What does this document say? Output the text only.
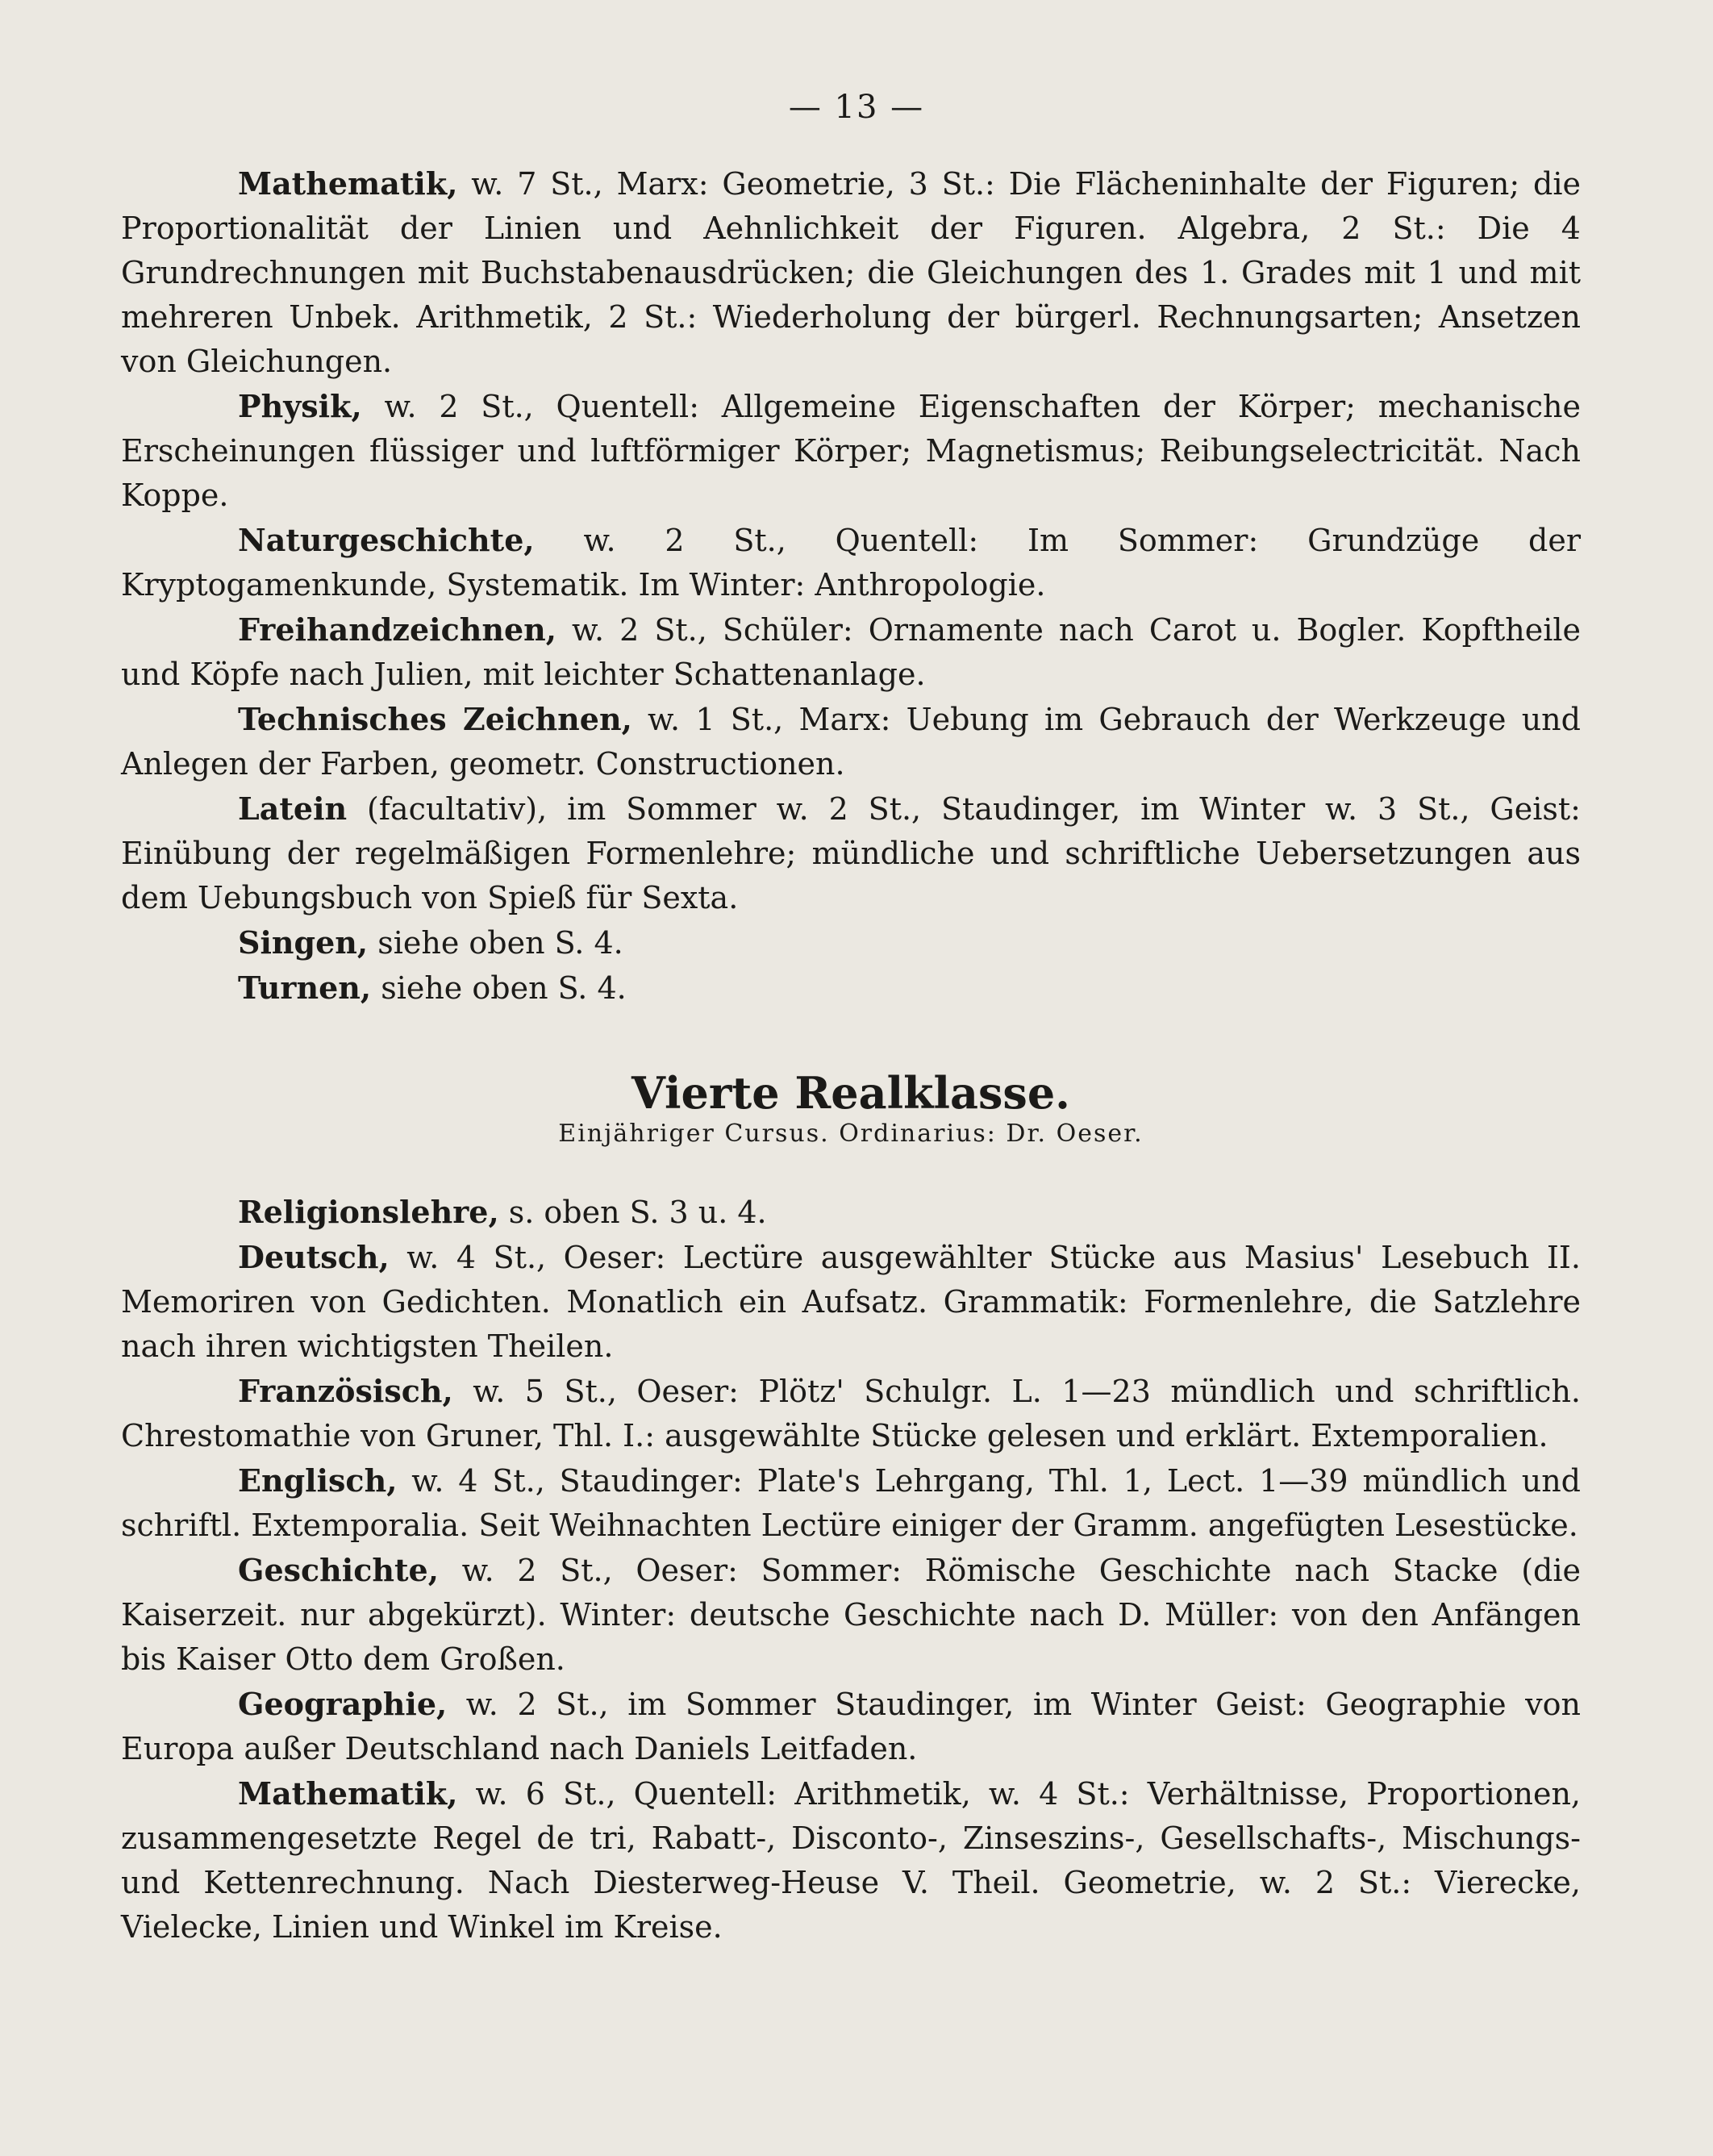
— 13 —

Mathematik, w. 7 St., Marx: Geometrie, 3 St.: Die Flächeninhalte der Figuren; die Proportionalität der Linien und Aehnlichkeit der Figuren. Algebra, 2 St.: Die 4 Grundrechnungen mit Buchstabenausdrücken; die Gleichungen des 1. Grades mit 1 und mit mehreren Unbek. Arithmetik, 2 St.: Wiederholung der bürgerl. Rechnungsarten; Ansetzen von Gleichungen.

Physik, w. 2 St., Quentell: Allgemeine Eigenschaften der Körper; mechanische Erscheinungen flüssiger und luftförmiger Körper; Magnetismus; Reibungselectricität. Nach Koppe.

Naturgeschichte, w. 2 St., Quentell: Im Sommer: Grundzüge der Kryptogamenkunde, Systematik. Im Winter: Anthropologie.

Freihandzeichnen, w. 2 St., Schüler: Ornamente nach Carot u. Bogler. Kopftheile und Köpfe nach Julien, mit leichter Schattenanlage.

Technisches Zeichnen, w. 1 St., Marx: Uebung im Gebrauch der Werkzeuge und Anlegen der Farben, geometr. Constructionen.

Latein (facultativ), im Sommer w. 2 St., Staudinger, im Winter w. 3 St., Geist: Einübung der regelmäßigen Formenlehre; mündliche und schriftliche Uebersetzungen aus dem Uebungsbuch von Spieß für Sexta.

Singen, siehe oben S. 4.

Turnen, siehe oben S. 4.

Vierte Realklasse.
Einjähriger Cursus. Ordinarius: Dr. Oeser.

Religionslehre, s. oben S. 3 u. 4.

Deutsch, w. 4 St., Oeser: Lectüre ausgewählter Stücke aus Masius' Lesebuch II. Memoriren von Gedichten. Monatlich ein Aufsatz. Grammatik: Formenlehre, die Satzlehre nach ihren wichtigsten Theilen.

Französisch, w. 5 St., Oeser: Plötz' Schulgr. L. 1—23 mündlich und schriftlich. Chrestomathie von Gruner, Thl. I.: ausgewählte Stücke gelesen und erklärt. Extemporalien.

Englisch, w. 4 St., Staudinger: Plate's Lehrgang, Thl. 1, Lect. 1—39 mündlich und schriftl. Extemporalia. Seit Weihnachten Lectüre einiger der Gramm. angefügten Lesestücke.

Geschichte, w. 2 St., Oeser: Sommer: Römische Geschichte nach Stacke (die Kaiserzeit. nur abgekürzt). Winter: deutsche Geschichte nach D. Müller: von den Anfängen bis Kaiser Otto dem Großen.

Geographie, w. 2 St., im Sommer Staudinger, im Winter Geist: Geographie von Europa außer Deutschland nach Daniels Leitfaden.

Mathematik, w. 6 St., Quentell: Arithmetik, w. 4 St.: Verhältnisse, Proportionen, zusammengesetzte Regel de tri, Rabatt-, Disconto-, Zinseszins-, Gesellschafts-, Mischungs- und Kettenrechnung. Nach Diesterweg-Heuse V. Theil. Geometrie, w. 2 St.: Vierecke, Vielecke, Linien und Winkel im Kreise.
